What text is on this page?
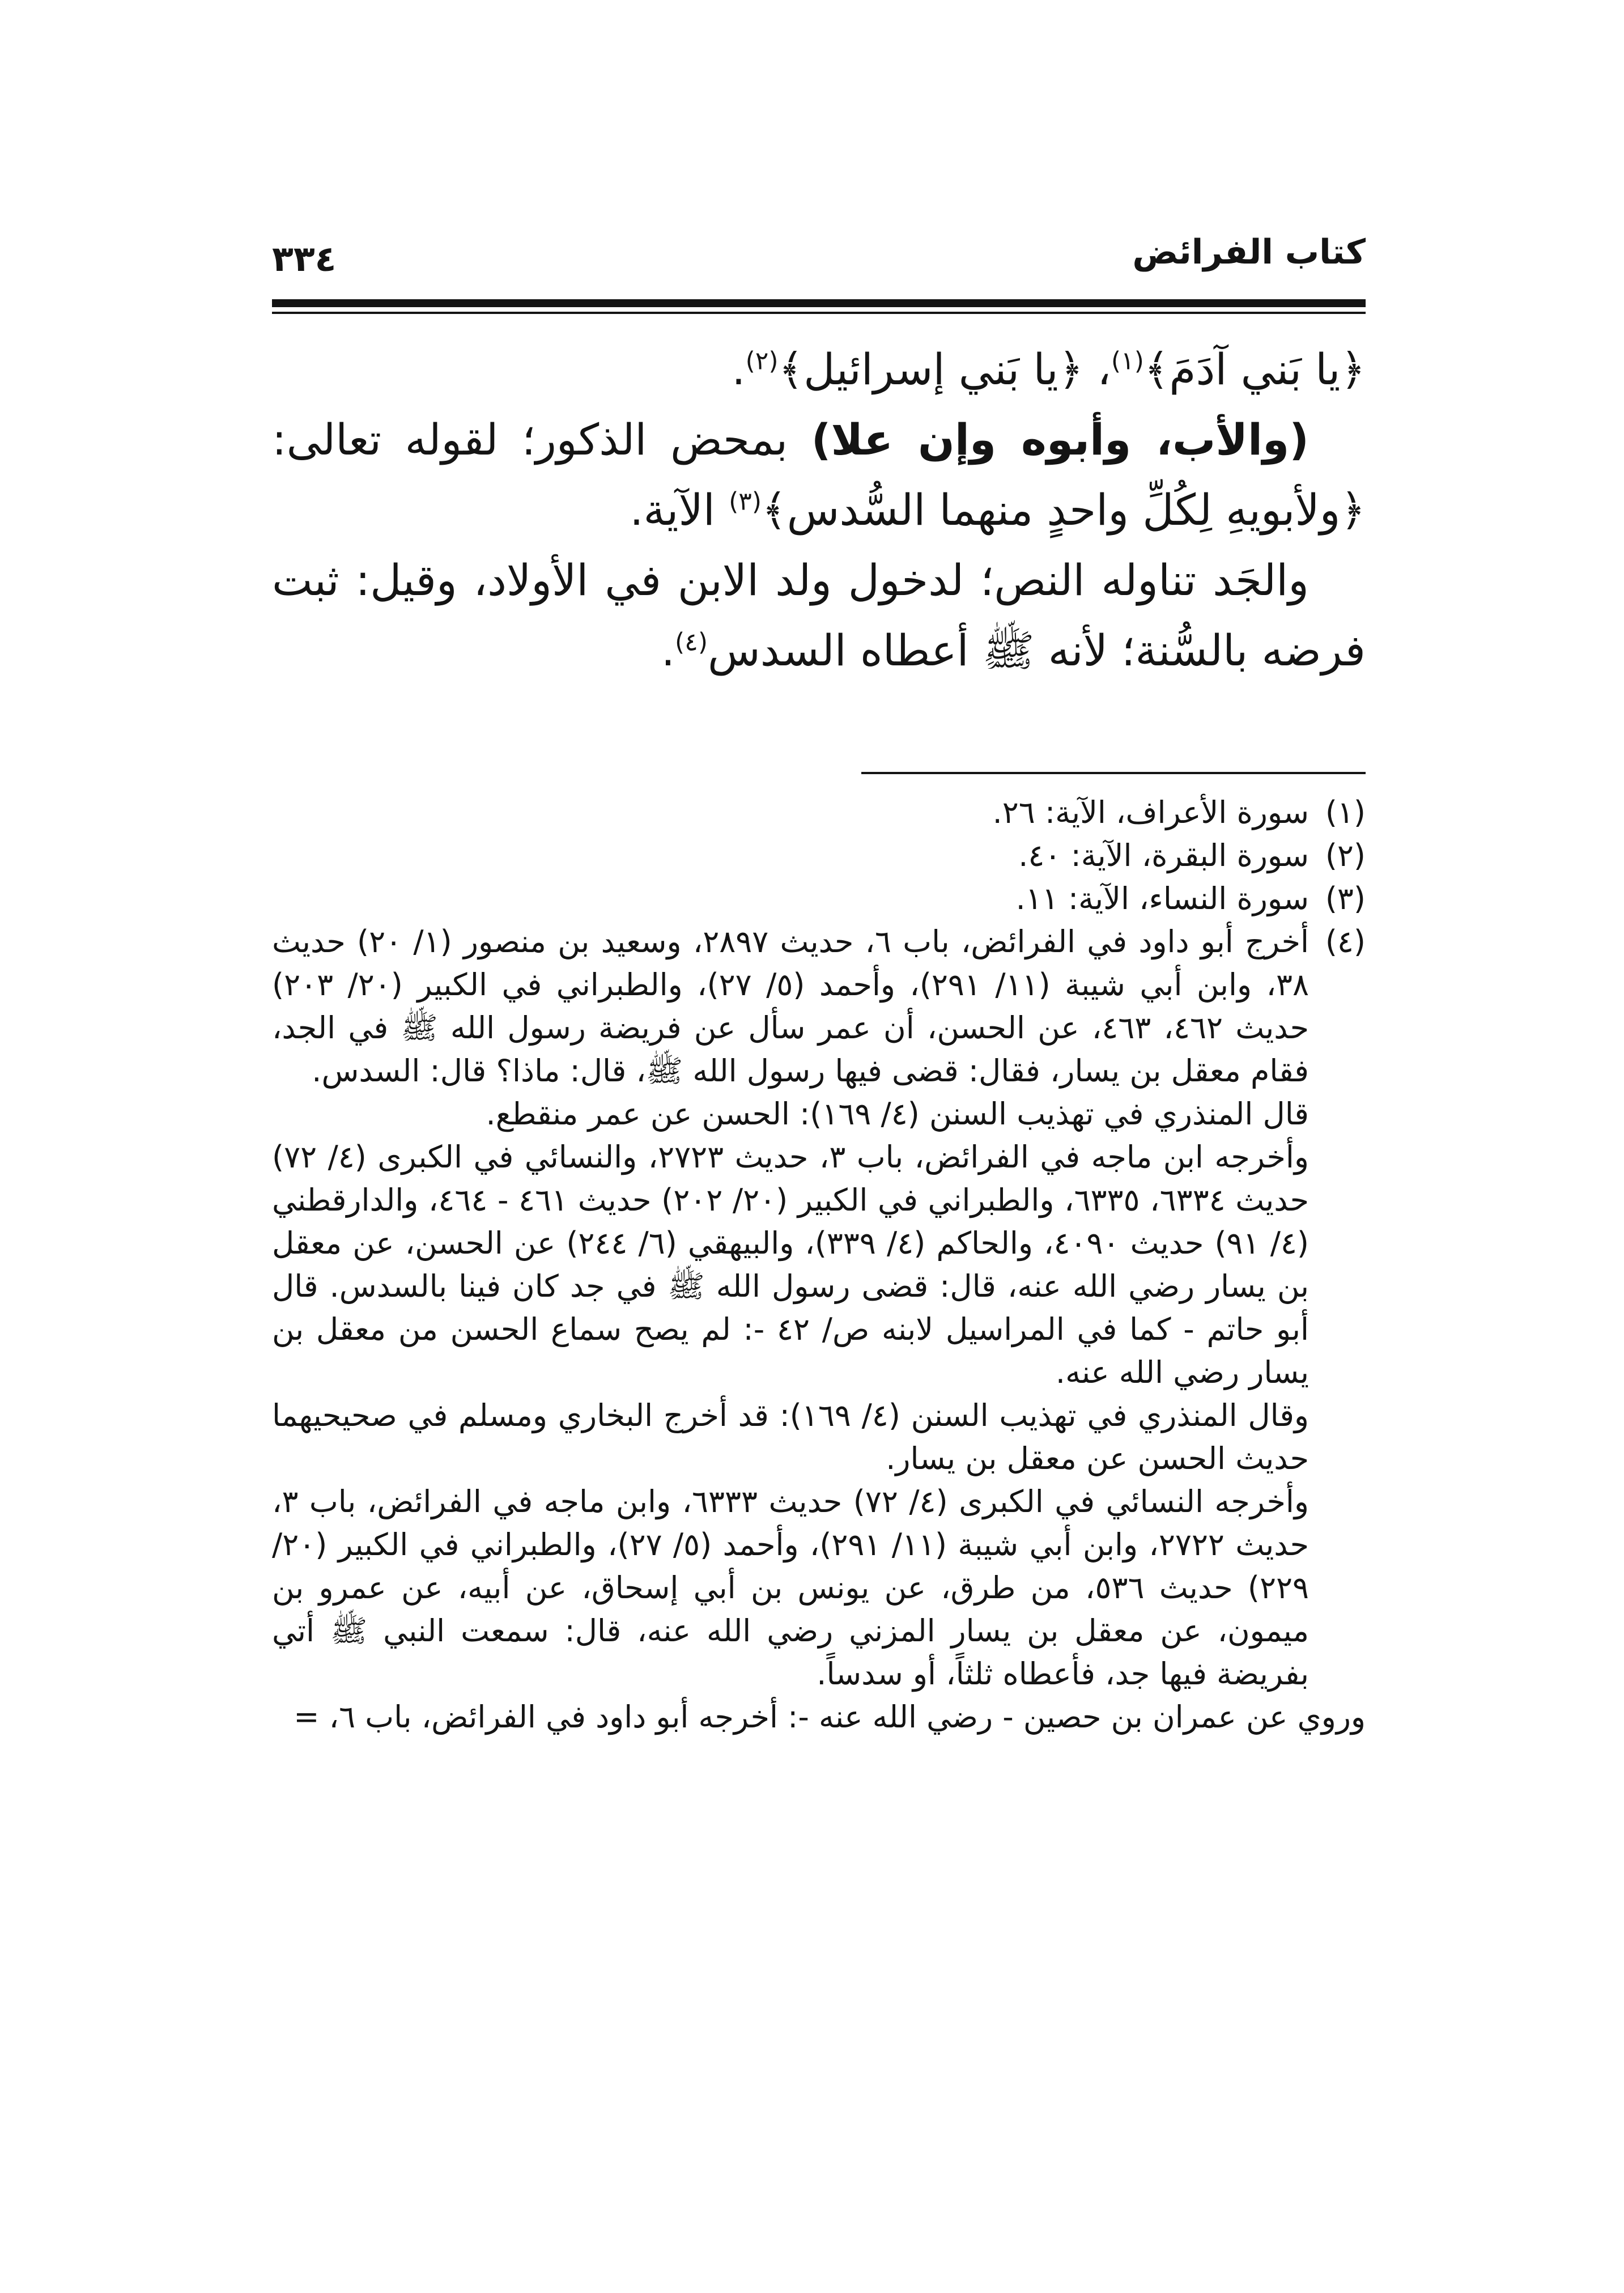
كتاب الفرائض
٣٣٤

﴿يا بَني آدَمَ﴾$^{(١)}$، ﴿يا بَني إسرائيل﴾$^{(٢)}$.

(والأب، وأبوه وإن علا) بمحض الذكور؛ لقوله تعالى: ﴿ولأبويهِ لِكُلِّ واحدٍ منهما السُّدس﴾$^{(٣)}$ الآية.

والجَد تناوله النص؛ لدخول ولد الابن في الأولاد، وقيل: ثبت فرضه بالسُّنة؛ لأنه ﷺ أعطاه السدس$^{(٤)}$.

(١)

سورة الأعراف، الآية: ٢٦.

(٢)

سورة البقرة، الآية: ٤٠.

(٣)

سورة النساء، الآية: ١١.

(٤)

أخرج أبو داود في الفرائض، باب ٦، حديث ٢٨٩٧، وسعيد بن منصور (١/ ٢٠) حديث ٣٨، وابن أبي شيبة (١١/ ٢٩١)، وأحمد (٥/ ٢٧)، والطبراني في الكبير (٢٠/ ٢٠٣) حديث ٤٦٢، ٤٦٣، عن الحسن، أن عمر سأل عن فريضة رسول الله ﷺ في الجد، فقام معقل بن يسار، فقال: قضى فيها رسول الله ﷺ، قال: ماذا؟ قال: السدس.

قال المنذري في تهذيب السنن (٤/ ١٦٩): الحسن عن عمر منقطع.

وأخرجه ابن ماجه في الفرائض، باب ٣، حديث ٢٧٢٣، والنسائي في الكبرى (٤/ ٧٢) حديث ٦٣٣٤، ٦٣٣٥، والطبراني في الكبير (٢٠/ ٢٠٢) حديث ٤٦١ - ٤٦٤، والدارقطني (٤/ ٩١) حديث ٤٠٩٠، والحاكم (٤/ ٣٣٩)، والبيهقي (٦/ ٢٤٤) عن الحسن، عن معقل بن يسار رضي الله عنه، قال: قضى رسول الله ﷺ في جد كان فينا بالسدس. قال أبو حاتم - كما في المراسيل لابنه ص/ ٤٢ -: لم يصح سماع الحسن من معقل بن يسار رضي الله عنه.

وقال المنذري في تهذيب السنن (٤/ ١٦٩): قد أخرج البخاري ومسلم في صحيحيهما حديث الحسن عن معقل بن يسار.

وأخرجه النسائي في الكبرى (٤/ ٧٢) حديث ٦٣٣٣، وابن ماجه في الفرائض، باب ٣، حديث ٢٧٢٢، وابن أبي شيبة (١١/ ٢٩١)، وأحمد (٥/ ٢٧)، والطبراني في الكبير (٢٠/ ٢٢٩) حديث ٥٣٦، من طرق، عن يونس بن أبي إسحاق، عن أبيه، عن عمرو بن ميمون، عن معقل بن يسار المزني رضي الله عنه، قال: سمعت النبي ﷺ أتي بفريضة فيها جد، فأعطاه ثلثاً، أو سدساً.

وروي عن عمران بن حصين - رضي الله عنه -: أخرجه أبو داود في الفرائض، باب ٦، =
